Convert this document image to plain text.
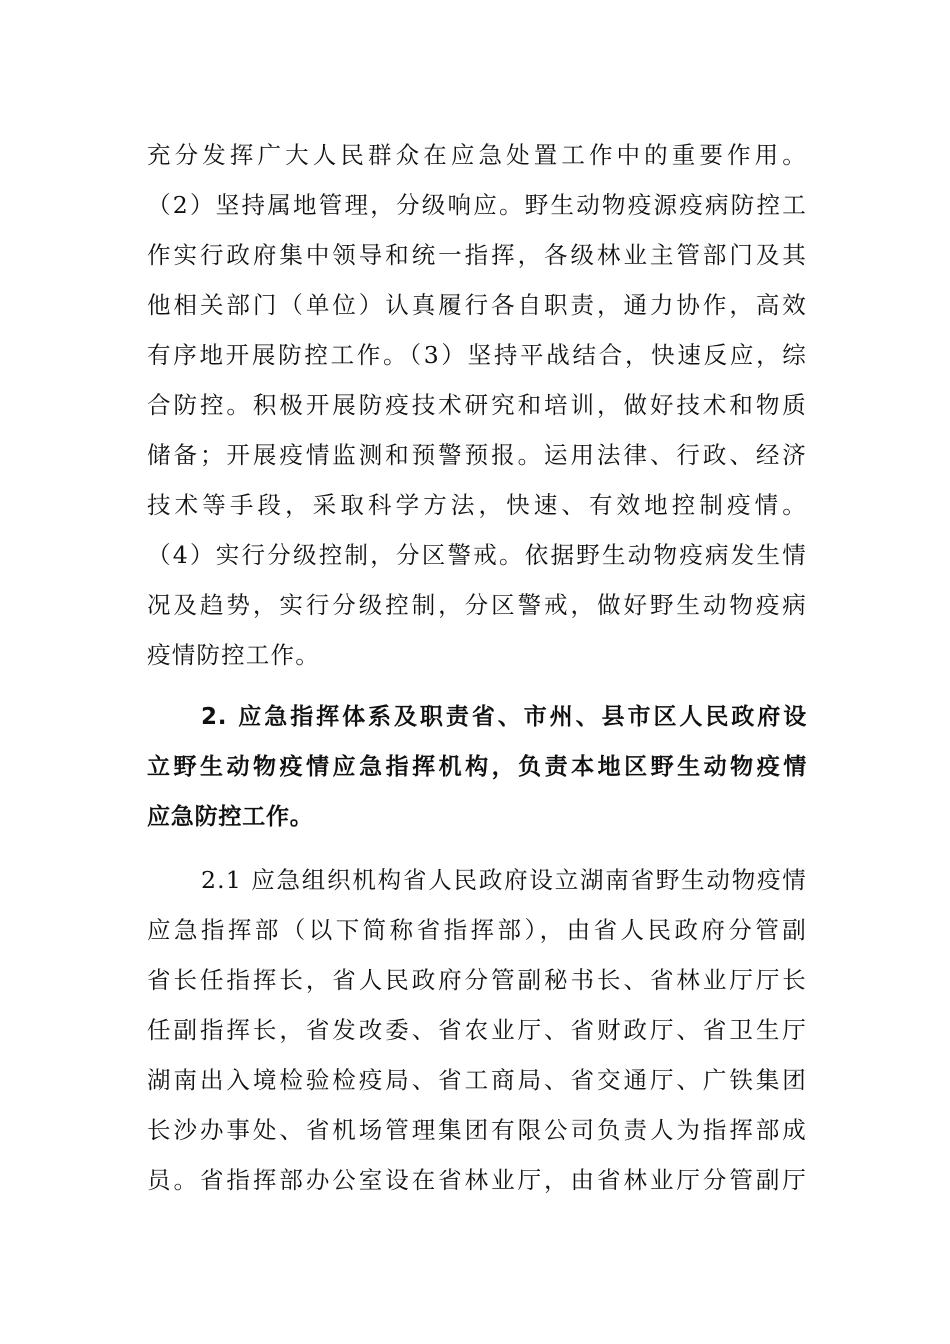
充分发挥广大人民群众在应急处置工作中的重要作用。
（2）坚持属地管理，分级响应。野生动物疫源疫病防控工
作实行政府集中领导和统一指挥，各级林业主管部门及其
他相关部门（单位）认真履行各自职责，通力协作，高效
有序地开展防控工作。（3）坚持平战结合，快速反应，综
合防控。积极开展防疫技术研究和培训，做好技术和物质
储备；开展疫情监测和预警预报。运用法律、行政、经济
技术等手段，采取科学方法，快速、有效地控制疫情。
（4）实行分级控制，分区警戒。依据野生动物疫病发生情
况及趋势，实行分级控制，分区警戒，做好野生动物疫病
疫情防控工作。
2. 应急指挥体系及职责省、市州、县市区人民政府设
立野生动物疫情应急指挥机构，负责本地区野生动物疫情
应急防控工作。
2.1 应急组织机构省人民政府设立湖南省野生动物疫情
应急指挥部（以下简称省指挥部），由省人民政府分管副
省长任指挥长，省人民政府分管副秘书长、省林业厅厅长
任副指挥长，省发改委、省农业厅、省财政厅、省卫生厅
湖南出入境检验检疫局、省工商局、省交通厅、广铁集团
长沙办事处、省机场管理集团有限公司负责人为指挥部成
员。省指挥部办公室设在省林业厅，由省林业厅分管副厅
